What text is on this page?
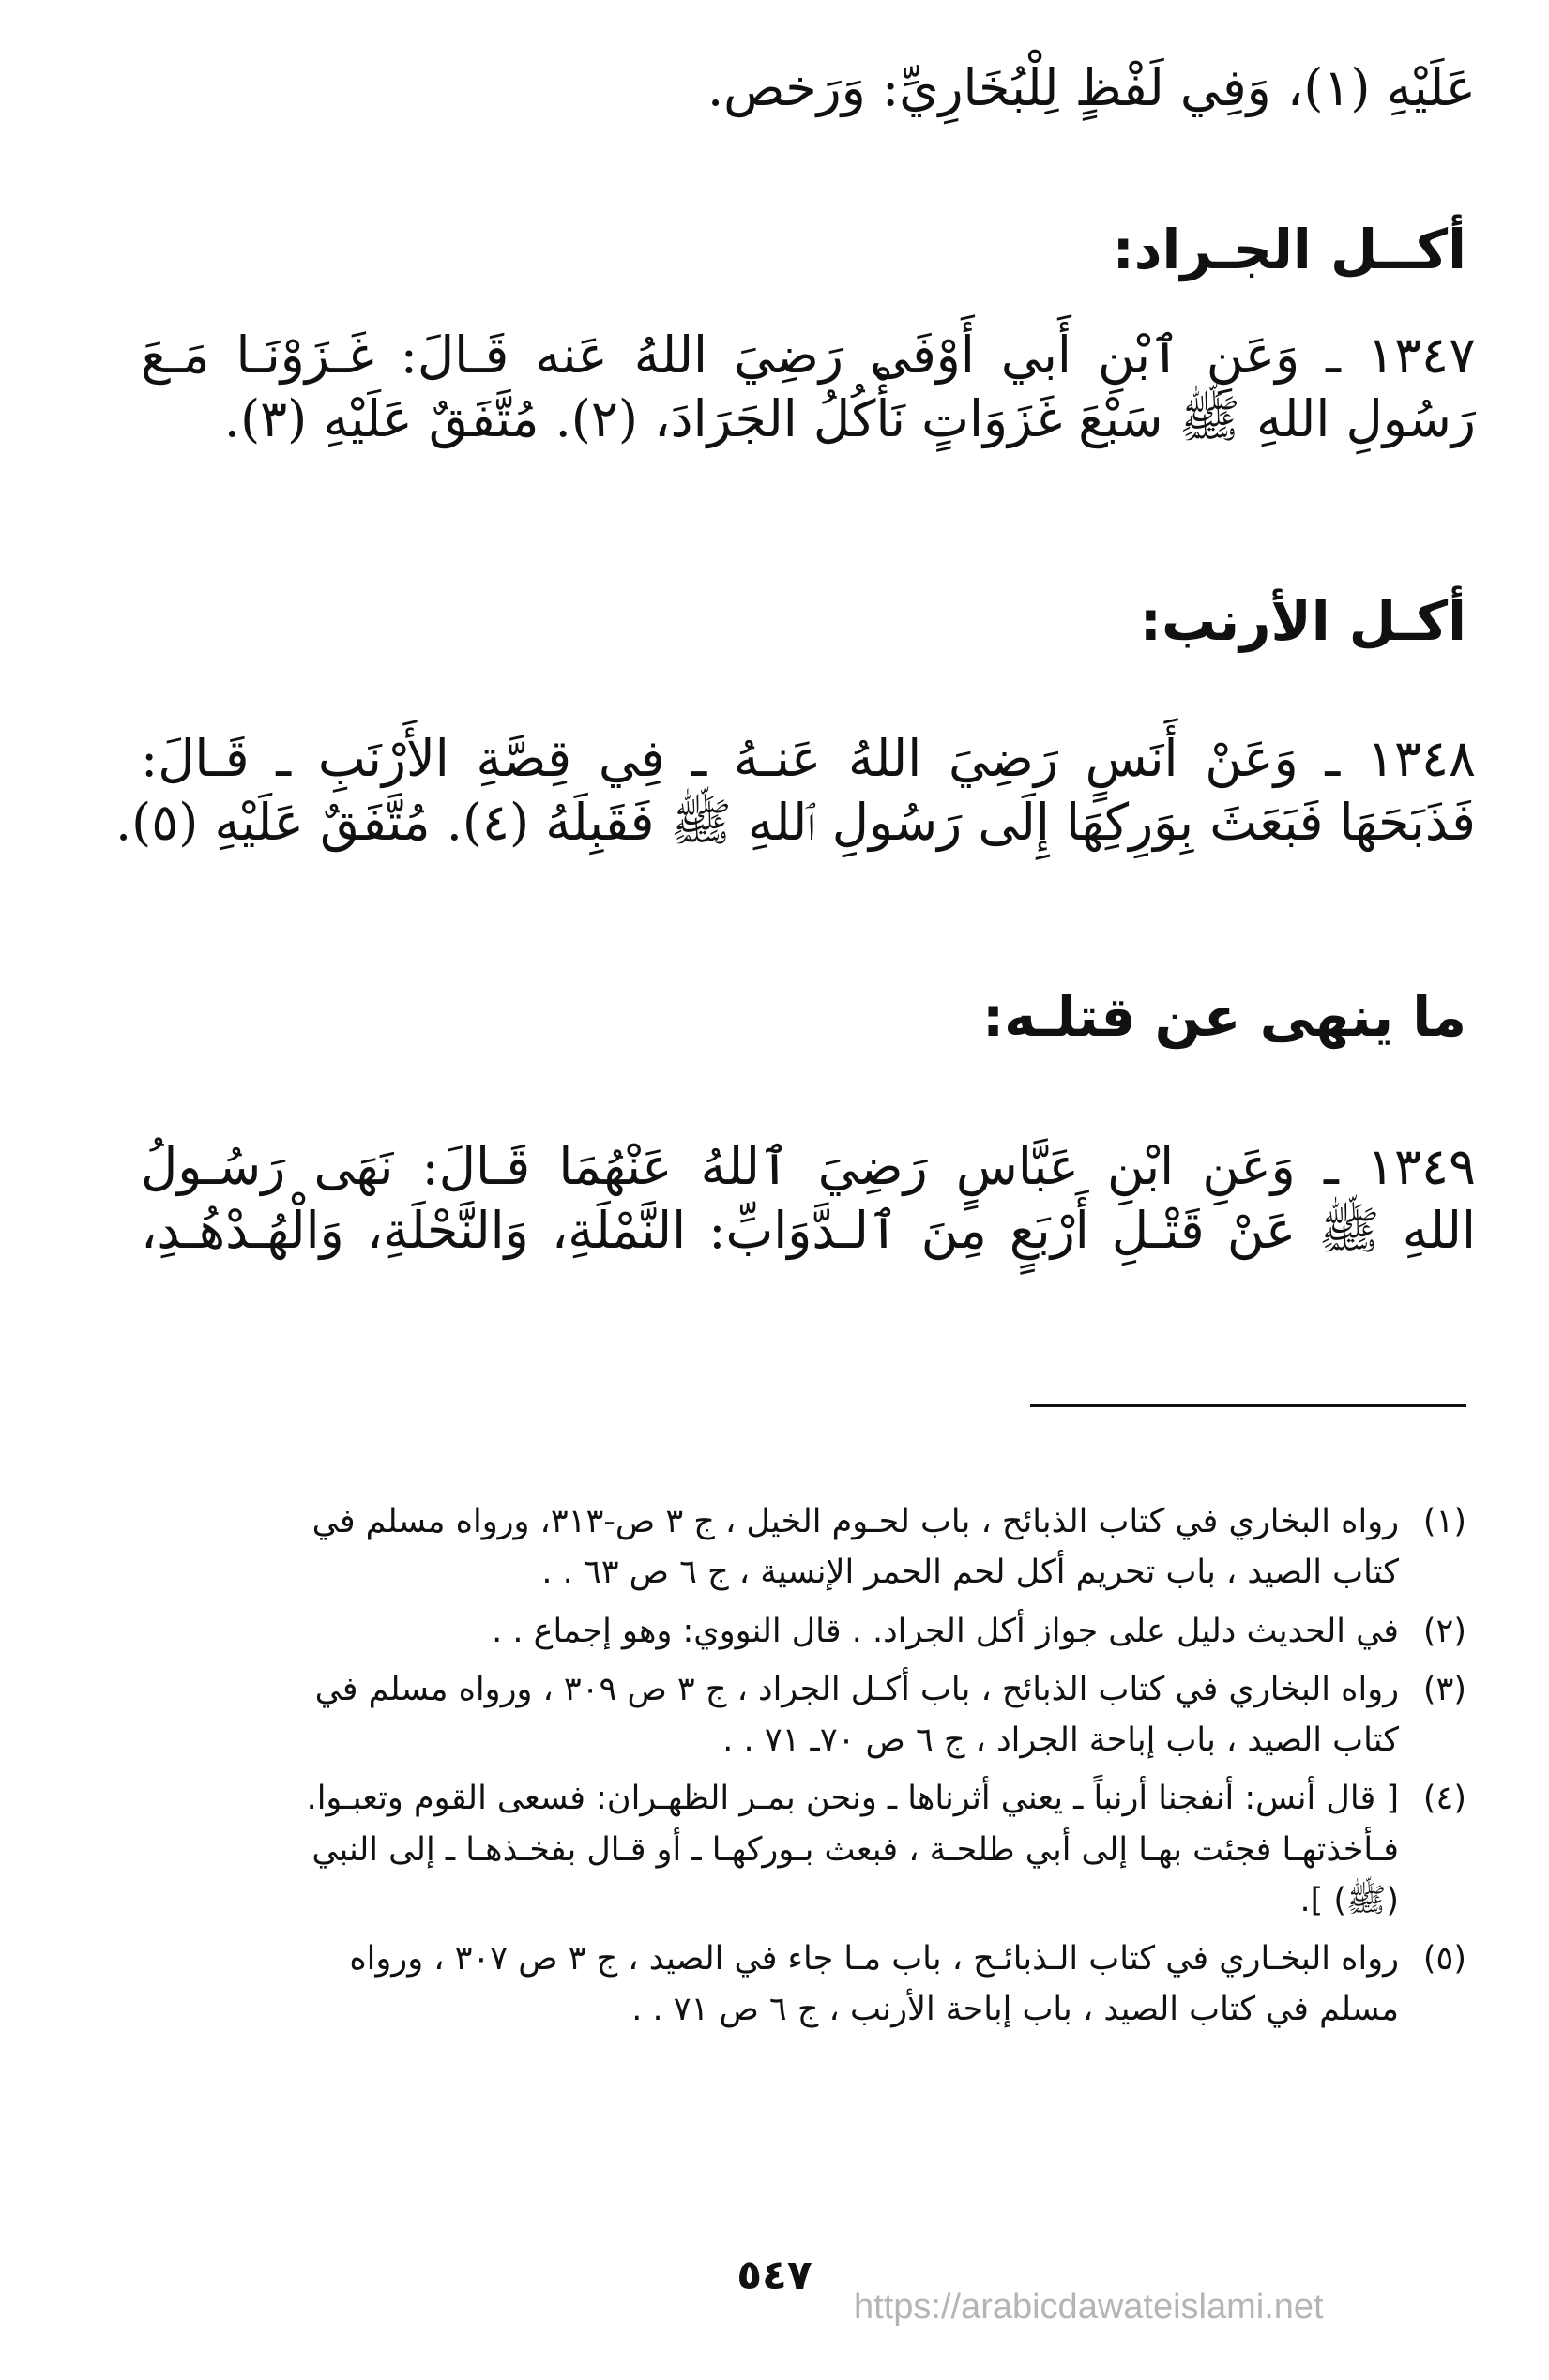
عَلَيْهِ (١)، وَفِي لَفْظٍ لِلْبُخَارِيِّ: وَرَخص.
أكــل الجـراد:
١٣٤٧ ـ وَعَنِ ٱبْنِ أَبي أَوْفَى رَضِيَ اللهُ عَنه قَـالَ: غَـزَوْنَـا مَـعَ
رَسُولِ اللهِ ﷺ سَبْعَ غَزَوَاتٍ نَأْكُلُ الجَرَادَ، (٢). مُتَّفَقٌ عَلَيْهِ (٣).
أكـل الأرنب:
١٣٤٨ ـ وَعَنْ أَنَسٍ رَضِيَ اللهُ عَنـهُ ـ فِي قِصَّةِ الأَرْنَبِ ـ قَـالَ:
فَذَبَحَهَا فَبَعَثَ بِوَرِكِهَا إِلَى رَسُولِ ٱللهِ ﷺ فَقَبِلَهُ (٤). مُتَّفَقٌ عَلَيْهِ (٥).
ما ينهى عن قتلـه:
١٣٤٩ ـ وَعَنِ ابْنِ عَبَّاسٍ رَضِيَ ٱللهُ عَنْهُمَا قَـالَ: نَهَى رَسُـولُ
اللهِ ﷺ عَنْ قَتْـلِ أَرْبَعٍ مِنَ ٱلـدَّوَابِّ: النَّمْلَةِ، وَالنَّحْلَةِ، وَالْهُـدْهُـدِ،
(١)
رواه البخاري في كتاب الذبائح ، باب لحـوم الخيل ، ج ٣ ص-٣١٣، ورواه مسلم في
كتاب الصيد ، باب تحريم أكل لحم الحمر الإنسية ، ج ٦ ص ٦٣ . .
(٢)
في الحديث دليل على جواز أكل الجراد. . قال النووي: وهو إجماع . .
(٣)
رواه البخاري في كتاب الذبائح ، باب أكـل الجراد ، ج ٣ ص ٣٠٩ ، ورواه مسلم في
كتاب الصيد ، باب إباحة الجراد ، ج ٦ ص ٧٠ـ ٧١ . .
(٤)
[ قال أنس: أنفجنا أرنباً ـ يعني أثرناها ـ ونحن بمـر الظهـران: فسعى القوم وتعبـوا.
فـأخذتهـا فجئت بهـا إلى أبي طلحـة ، فبعث بـوركهـا ـ أو قـال بفخـذهـا ـ إلى النبي
(ﷺ) ].
(٥)
رواه البخـاري في كتاب الـذبائـح ، باب مـا جاء في الصيد ، ج ٣ ص ٣٠٧ ، ورواه
مسلم في كتاب الصيد ، باب إباحة الأرنب ، ج ٦ ص ٧١ . .
٥٤٧
https://arabicdawateislami.net
